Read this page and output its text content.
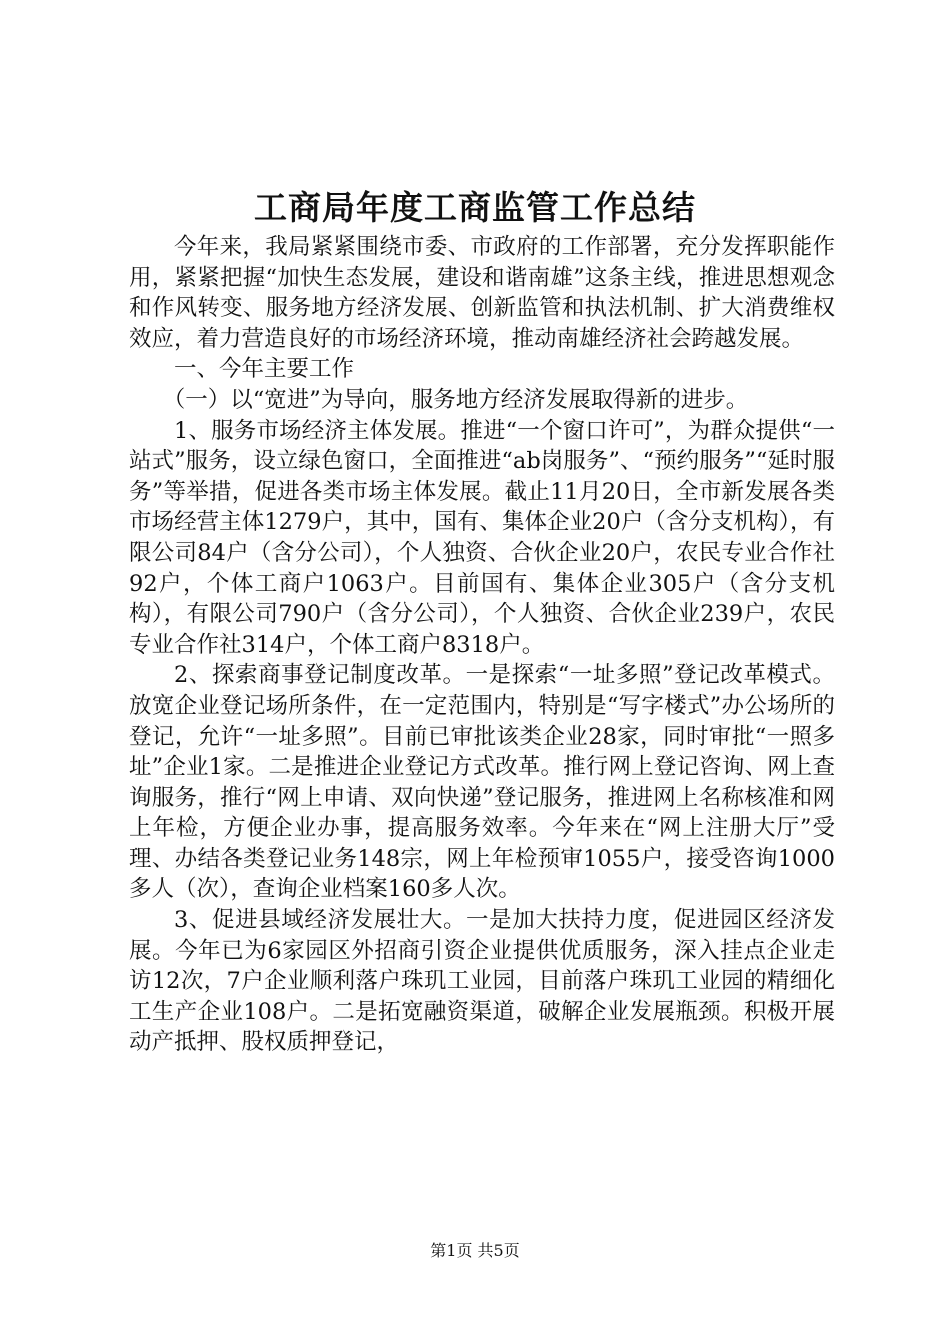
工商局年度工商监管工作总结

今年来，我局紧紧围绕市委、市政府的工作部署，充分发挥职能作用，紧紧把握“加快生态发展，建设和谐南雄”这条主线，推进思想观念和作风转变、服务地方经济发展、创新监管和执法机制、扩大消费维权效应，着力营造良好的市场经济环境，推动南雄经济社会跨越发展。

一、今年主要工作

（一）以“宽进”为导向，服务地方经济发展取得新的进步。

1、服务市场经济主体发展。推进“一个窗口许可”，为群众提供“一站式”服务，设立绿色窗口，全面推进“ab岗服务”、“预约服务”“延时服务”等举措，促进各类市场主体发展。截止11月20日，全市新发展各类市场经营主体1279户，其中，国有、集体企业20户（含分支机构），有限公司84户（含分公司），个人独资、合伙企业20户，农民专业合作社92户，个体工商户1063户。目前国有、集体企业305户（含分支机构），有限公司790户（含分公司），个人独资、合伙企业239户，农民专业合作社314户，个体工商户8318户。

2、探索商事登记制度改革。一是探索“一址多照”登记改革模式。放宽企业登记场所条件，在一定范围内，特别是“写字楼式”办公场所的登记，允许“一址多照”。目前已审批该类企业28家，同时审批“一照多址”企业1家。二是推进企业登记方式改革。推行网上登记咨询、网上查询服务，推行“网上申请、双向快递”登记服务，推进网上名称核准和网上年检，方便企业办事，提高服务效率。今年来在“网上注册大厅”受理、办结各类登记业务148宗，网上年检预审1055户，接受咨询1000多人（次），查询企业档案160多人次。

3、促进县域经济发展壮大。一是加大扶持力度，促进园区经济发展。今年已为6家园区外招商引资企业提供优质服务，深入挂点企业走访12次，7户企业顺利落户珠玑工业园，目前落户珠玑工业园的精细化工生产企业108户。二是拓宽融资渠道，破解企业发展瓶颈。积极开展动产抵押、股权质押登记，

第1页 共5页
